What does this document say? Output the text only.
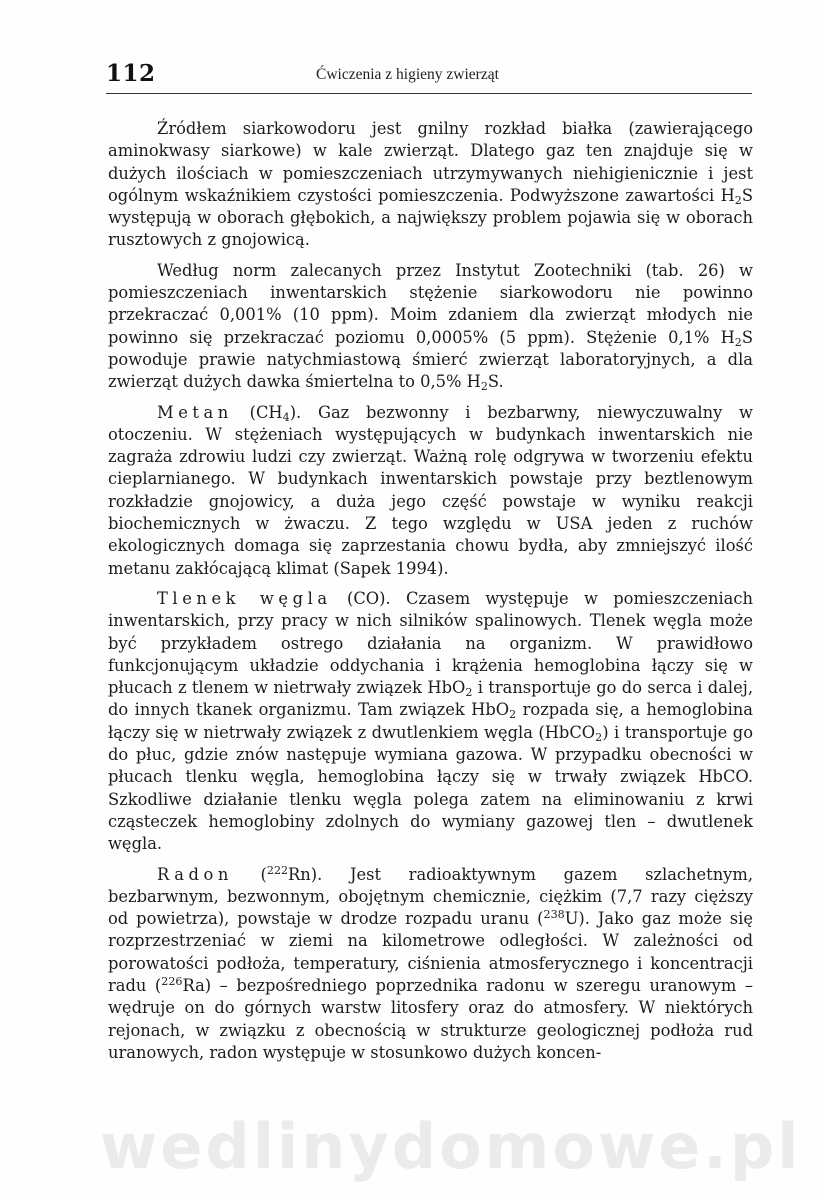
112	Ćwiczenia z higieny zwierząt

Źródłem siarkowodoru jest gnilny rozkład białka (zawierającego aminokwasy siarkowe) w kale zwierząt. Dlatego gaz ten znajduje się w dużych ilościach w pomieszczeniach utrzymywanych niehigienicznie i jest ogólnym wskaźnikiem czystości pomieszczenia. Podwyższone zawartości $H_2S$ występują w oborach głębokich, a największy problem pojawia się w oborach rusztowych z gnojowicą.

Według norm zalecanych przez Instytut Zootechniki (tab. 26) w pomieszczeniach inwentarskich stężenie siarkowodoru nie powinno przekraczać 0,001% (10 ppm). Moim zdaniem dla zwierząt młodych nie powinno się przekraczać poziomu 0,0005% (5 ppm). Stężenie 0,1% $H_2S$ powoduje prawie natychmiastową śmierć zwierząt laboratoryjnych, a dla zwierząt dużych dawka śmiertelna to 0,5% $H_2S$.

Metan $(CH_4)$. Gaz bezwonny i bezbarwny, niewyczuwalny w otoczeniu. W stężeniach występujących w budynkach inwentarskich nie zagraża zdrowiu ludzi czy zwierząt. Ważną rolę odgrywa w tworzeniu efektu cieplarnianego. W budynkach inwentarskich powstaje przy beztlenowym rozkładzie gnojowicy, a duża jego część powstaje w wyniku reakcji biochemicznych w żwaczu. Z tego względu w USA jeden z ruchów ekologicznych domaga się zaprzestania chowu bydła, aby zmniejszyć ilość metanu zakłócającą klimat (Sapek 1994).

Tlenek węgla (CO). Czasem występuje w pomieszczeniach inwentarskich, przy pracy w nich silników spalinowych. Tlenek węgla może być przykładem ostrego działania na organizm. W prawidłowo funkcjonującym układzie oddychania i krążenia hemoglobina łączy się w płucach z tlenem w nietrwały związek HbO$_2$ i transportuje go do serca i dalej, do innych tkanek organizmu. Tam związek HbO$_2$ rozpada się, a hemoglobina łączy się w nietrwały związek z dwutlenkiem węgla (HbCO$_2$) i transportuje go do płuc, gdzie znów następuje wymiana gazowa. W przypadku obecności w płucach tlenku węgla, hemoglobina łączy się w trwały związek HbCO. Szkodliwe działanie tlenku węgla polega zatem na eliminowaniu z krwi cząsteczek hemoglobiny zdolnych do wymiany gazowej tlen – dwutlenek węgla.

Radon ($^{222}$Rn). Jest radioaktywnym gazem szlachetnym, bezbarwnym, bezwonnym, obojętnym chemicznie, ciężkim (7,7 razy cięższy od powietrza), powstaje w drodze rozpadu uranu ($^{238}$U). Jako gaz może się rozprzestrzeniać w ziemi na kilometrowe odległości. W zależności od porowatości podłoża, temperatury, ciśnienia atmosferycznego i koncentracji radu ($^{226}$Ra) – bezpośredniego poprzednika radonu w szeregu uranowym – wędruje on do górnych warstw litosfery oraz do atmosfery. W niektórych rejonach, w związku z obecnością w strukturze geologicznej podłoża rud uranowych, radon występuje w stosunkowo dużych koncen-

wedlinydomowe.pl
